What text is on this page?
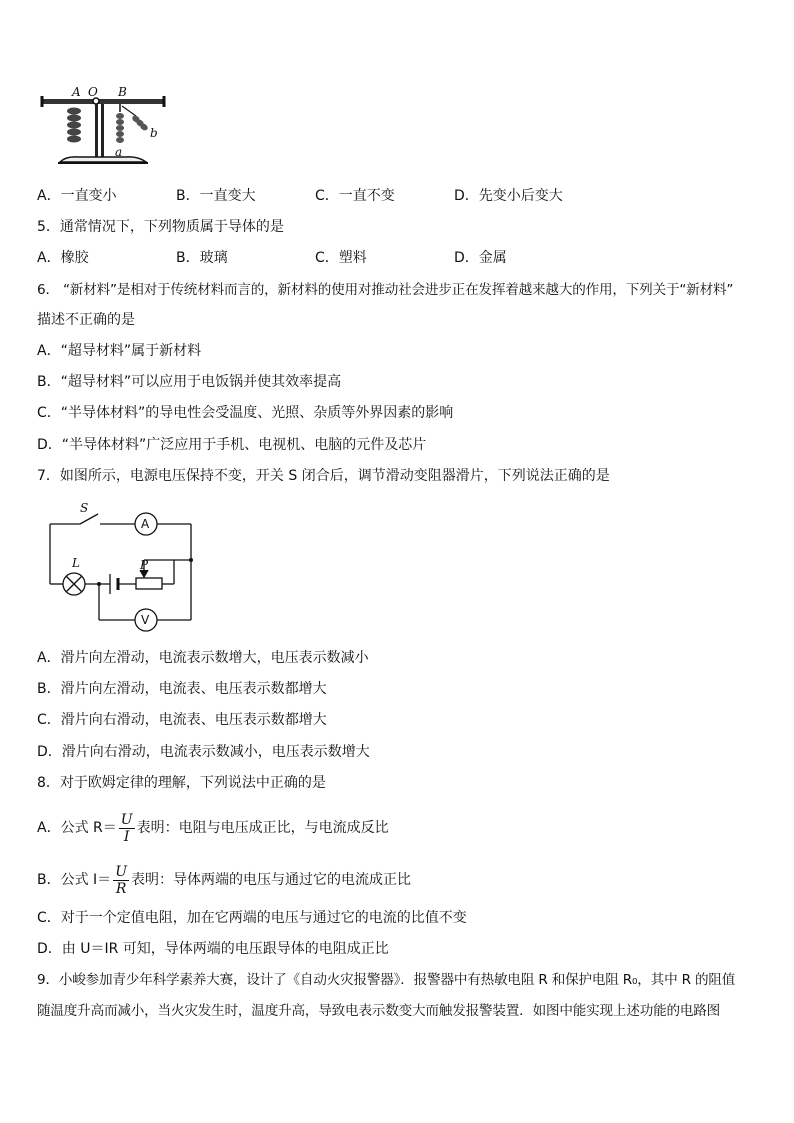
A O B
b
a
A．一直变小	B．一直变大	C．一直不变	D．先变小后变大
5．通常情况下，下列物质属于导体的是
A．橡胶	B．玻璃	C．塑料	D．金属
6． “新材料”是相对于传统材料而言的，新材料的使用对推动社会进步正在发挥着越来越大的作用，下列关于“新材料”
描述不正确的是
A．“超导材料”属于新材料
B．“超导材料”可以应用于电饭锅并使其效率提高
C．“半导体材料”的导电性会受温度、光照、杂质等外界因素的影响
D．“半导体材料”广泛应用于手机、电视机、电脑的元件及芯片
7．如图所示，电源电压保持不变，开关 S 闭合后，调节滑动变阻器滑片，下列说法正确的是
S
A
L	P
V
A．滑片向左滑动，电流表示数增大，电压表示数减小
B．滑片向左滑动，电流表、电压表示数都增大
C．滑片向右滑动，电流表、电压表示数都增大
D．滑片向右滑动，电流表示数减小，电压表示数增大
8．对于欧姆定律的理解，下列说法中正确的是
A．公式 $R= \frac{U}{I}$ 表明：电阻与电压成正比，与电流成反比
B．公式 $I= \frac{U}{R}$ 表明：导体两端的电压与通过它的电流成正比
C．对于一个定值电阻，加在它两端的电压与通过它的电流的比值不变
D．由 U＝IR 可知，导体两端的电压跟导体的电阻成正比
9．小峻参加青少年科学素养大赛，设计了《自动火灾报警器》．报警器中有热敏电阻 R 和保护电阻 R₀，其中 R 的阻值
随温度升高而减小，当火灾发生时，温度升高，导致电表示数变大而触发报警装置．如图中能实现上述功能的电路图
